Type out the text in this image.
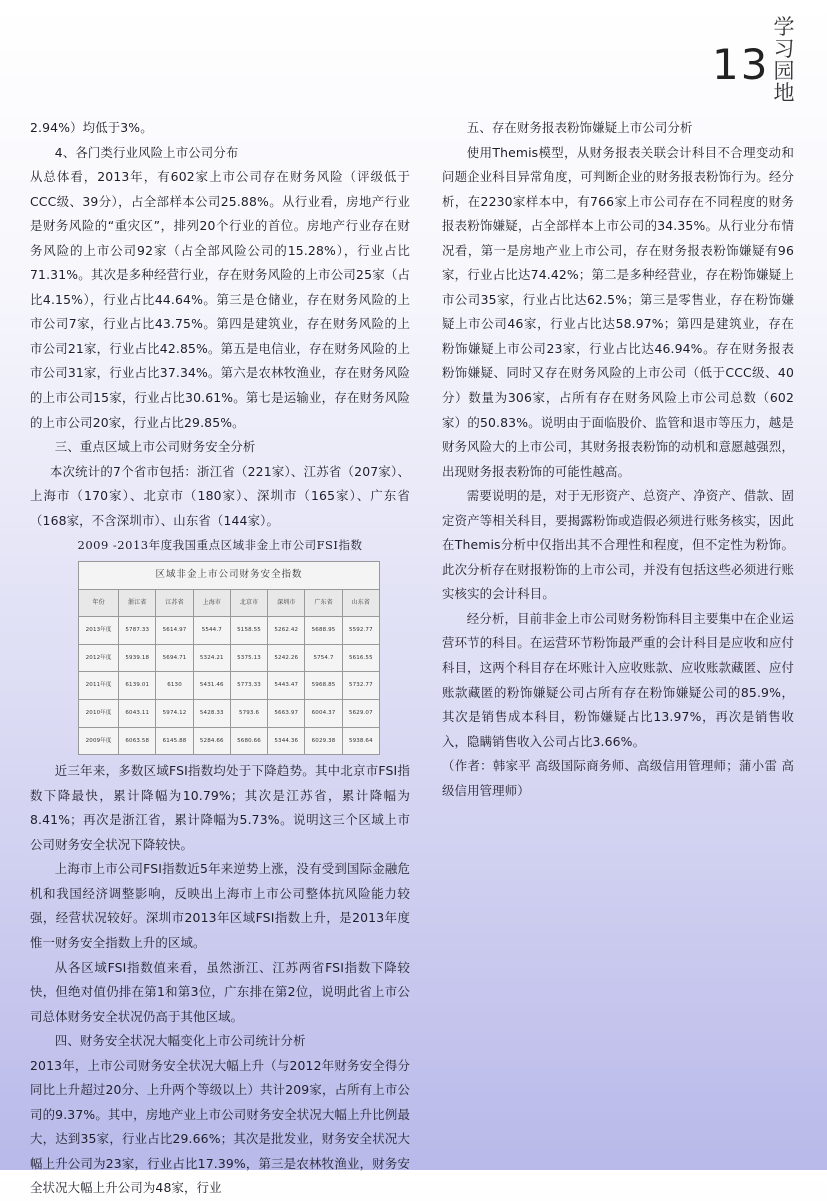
13
学
习
园
地

2.94%）均低于3%。

4、各门类行业风险上市公司分布

从总体看，2013年，有602家上市公司存在财务风险（评级低于CCC级、39分），占全部样本公司25.88%。从行业看，房地产行业是财务风险的“重灾区”，排列20个行业的首位。房地产行业存在财务风险的上市公司92家（占全部风险公司的15.28%），行业占比71.31%。其次是多种经营行业，存在财务风险的上市公司25家（占比4.15%），行业占比44.64%。第三是仓储业，存在财务风险的上市公司7家，行业占比43.75%。第四是建筑业，存在财务风险的上市公司21家，行业占比42.85%。第五是电信业，存在财务风险的上市公司31家，行业占比37.34%。第六是农林牧渔业，存在财务风险的上市公司15家，行业占比30.61%。第七是运输业，存在财务风险的上市公司20家，行业占比29.85%。

三、重点区域上市公司财务安全分析

本次统计的7个省市包括：浙江省（221家）、江苏省（207家）、上海市（170家）、北京市（180家）、深圳市（165家）、广东省（168家，不含深圳市）、山东省（144家）。

2009 -2013年度我国重点区域非金上市公司FSI指数

区域非金上市公司财务安全指数							
年份	浙江省	江苏省	上海市	北京市	深圳市	广东省	山东省
2013年度	5787.33	5614.97	5544.7	5158.55	5262.42	5688.95	5592.77
2012年度	5939.18	5694.71	5324.21	5375.13	5242.26	5754.7	5616.55
2011年度	6139.01	6130	5431.46	5773.33	5443.47	5968.85	5732.77
2010年度	6043.11	5974.12	5428.33	5793.6	5663.97	6004.37	5629.07
2009年度	6063.58	6145.88	5284.66	5680.66	5344.36	6029.38	5938.64

近三年来，多数区域FSI指数均处于下降趋势。其中北京市FSI指数下降最快，累计降幅为10.79%；其次是江苏省，累计降幅为8.41%；再次是浙江省，累计降幅为5.73%。说明这三个区域上市公司财务安全状况下降较快。

上海市上市公司FSI指数近5年来逆势上涨，没有受到国际金融危机和我国经济调整影响，反映出上海市上市公司整体抗风险能力较强，经营状况较好。深圳市2013年区域FSI指数上升，是2013年度惟一财务安全指数上升的区域。

从各区域FSI指数值来看，虽然浙江、江苏两省FSI指数下降较快，但绝对值仍排在第1和第3位，广东排在第2位，说明此省上市公司总体财务安全状况仍高于其他区域。

四、财务安全状况大幅变化上市公司统计分析

2013年，上市公司财务安全状况大幅上升（与2012年财务安全得分同比上升超过20分、上升两个等级以上）共计209家，占所有上市公司的9.37%。其中，房地产业上市公司财务安全状况大幅上升比例最大，达到35家，行业占比29.66%；其次是批发业，财务安全状况大幅上升公司为23家，行业占比17.39%，第三是农林牧渔业，财务安全状况大幅上升公司为48家，行业

五、存在财务报表粉饰嫌疑上市公司分析

使用Themis模型，从财务报表关联会计科目不合理变动和问题企业科目异常角度，可判断企业的财务报表粉饰行为。经分析，在2230家样本中，有766家上市公司存在不同程度的财务报表粉饰嫌疑，占全部样本上市公司的34.35%。从行业分布情况看，第一是房地产业上市公司，存在财务报表粉饰嫌疑有96家，行业占比达74.42%；第二是多种经营业，存在粉饰嫌疑上市公司35家，行业占比达62.5%；第三是零售业，存在粉饰嫌疑上市公司46家，行业占比达58.97%；第四是建筑业，存在粉饰嫌疑上市公司23家，行业占比达46.94%。存在财务报表粉饰嫌疑、同时又存在财务风险的上市公司（低于CCC级、40分）数量为306家，占所有存在财务风险上市公司总数（602家）的50.83%。说明由于面临股价、监管和退市等压力，越是财务风险大的上市公司，其财务报表粉饰的动机和意愿越强烈，出现财务报表粉饰的可能性越高。

需要说明的是，对于无形资产、总资产、净资产、借款、固定资产等相关科目，要揭露粉饰或造假必须进行账务核实，因此在Themis分析中仅指出其不合理性和程度，但不定性为粉饰。此次分析存在财报粉饰的上市公司，并没有包括这些必须进行账实核实的会计科目。

经分析，目前非金上市公司财务粉饰科目主要集中在企业运营环节的科目。在运营环节粉饰最严重的会计科目是应收和应付科目，这两个科目存在坏账计入应收账款、应收账款藏匿、应付账款藏匿的粉饰嫌疑公司占所有存在粉饰嫌疑公司的85.9%，其次是销售成本科目，粉饰嫌疑占比13.97%，再次是销售收入，隐瞒销售收入公司占比3.66%。

（作者：韩家平 高级国际商务师、高级信用管理师；蒲小雷 高级信用管理师）
